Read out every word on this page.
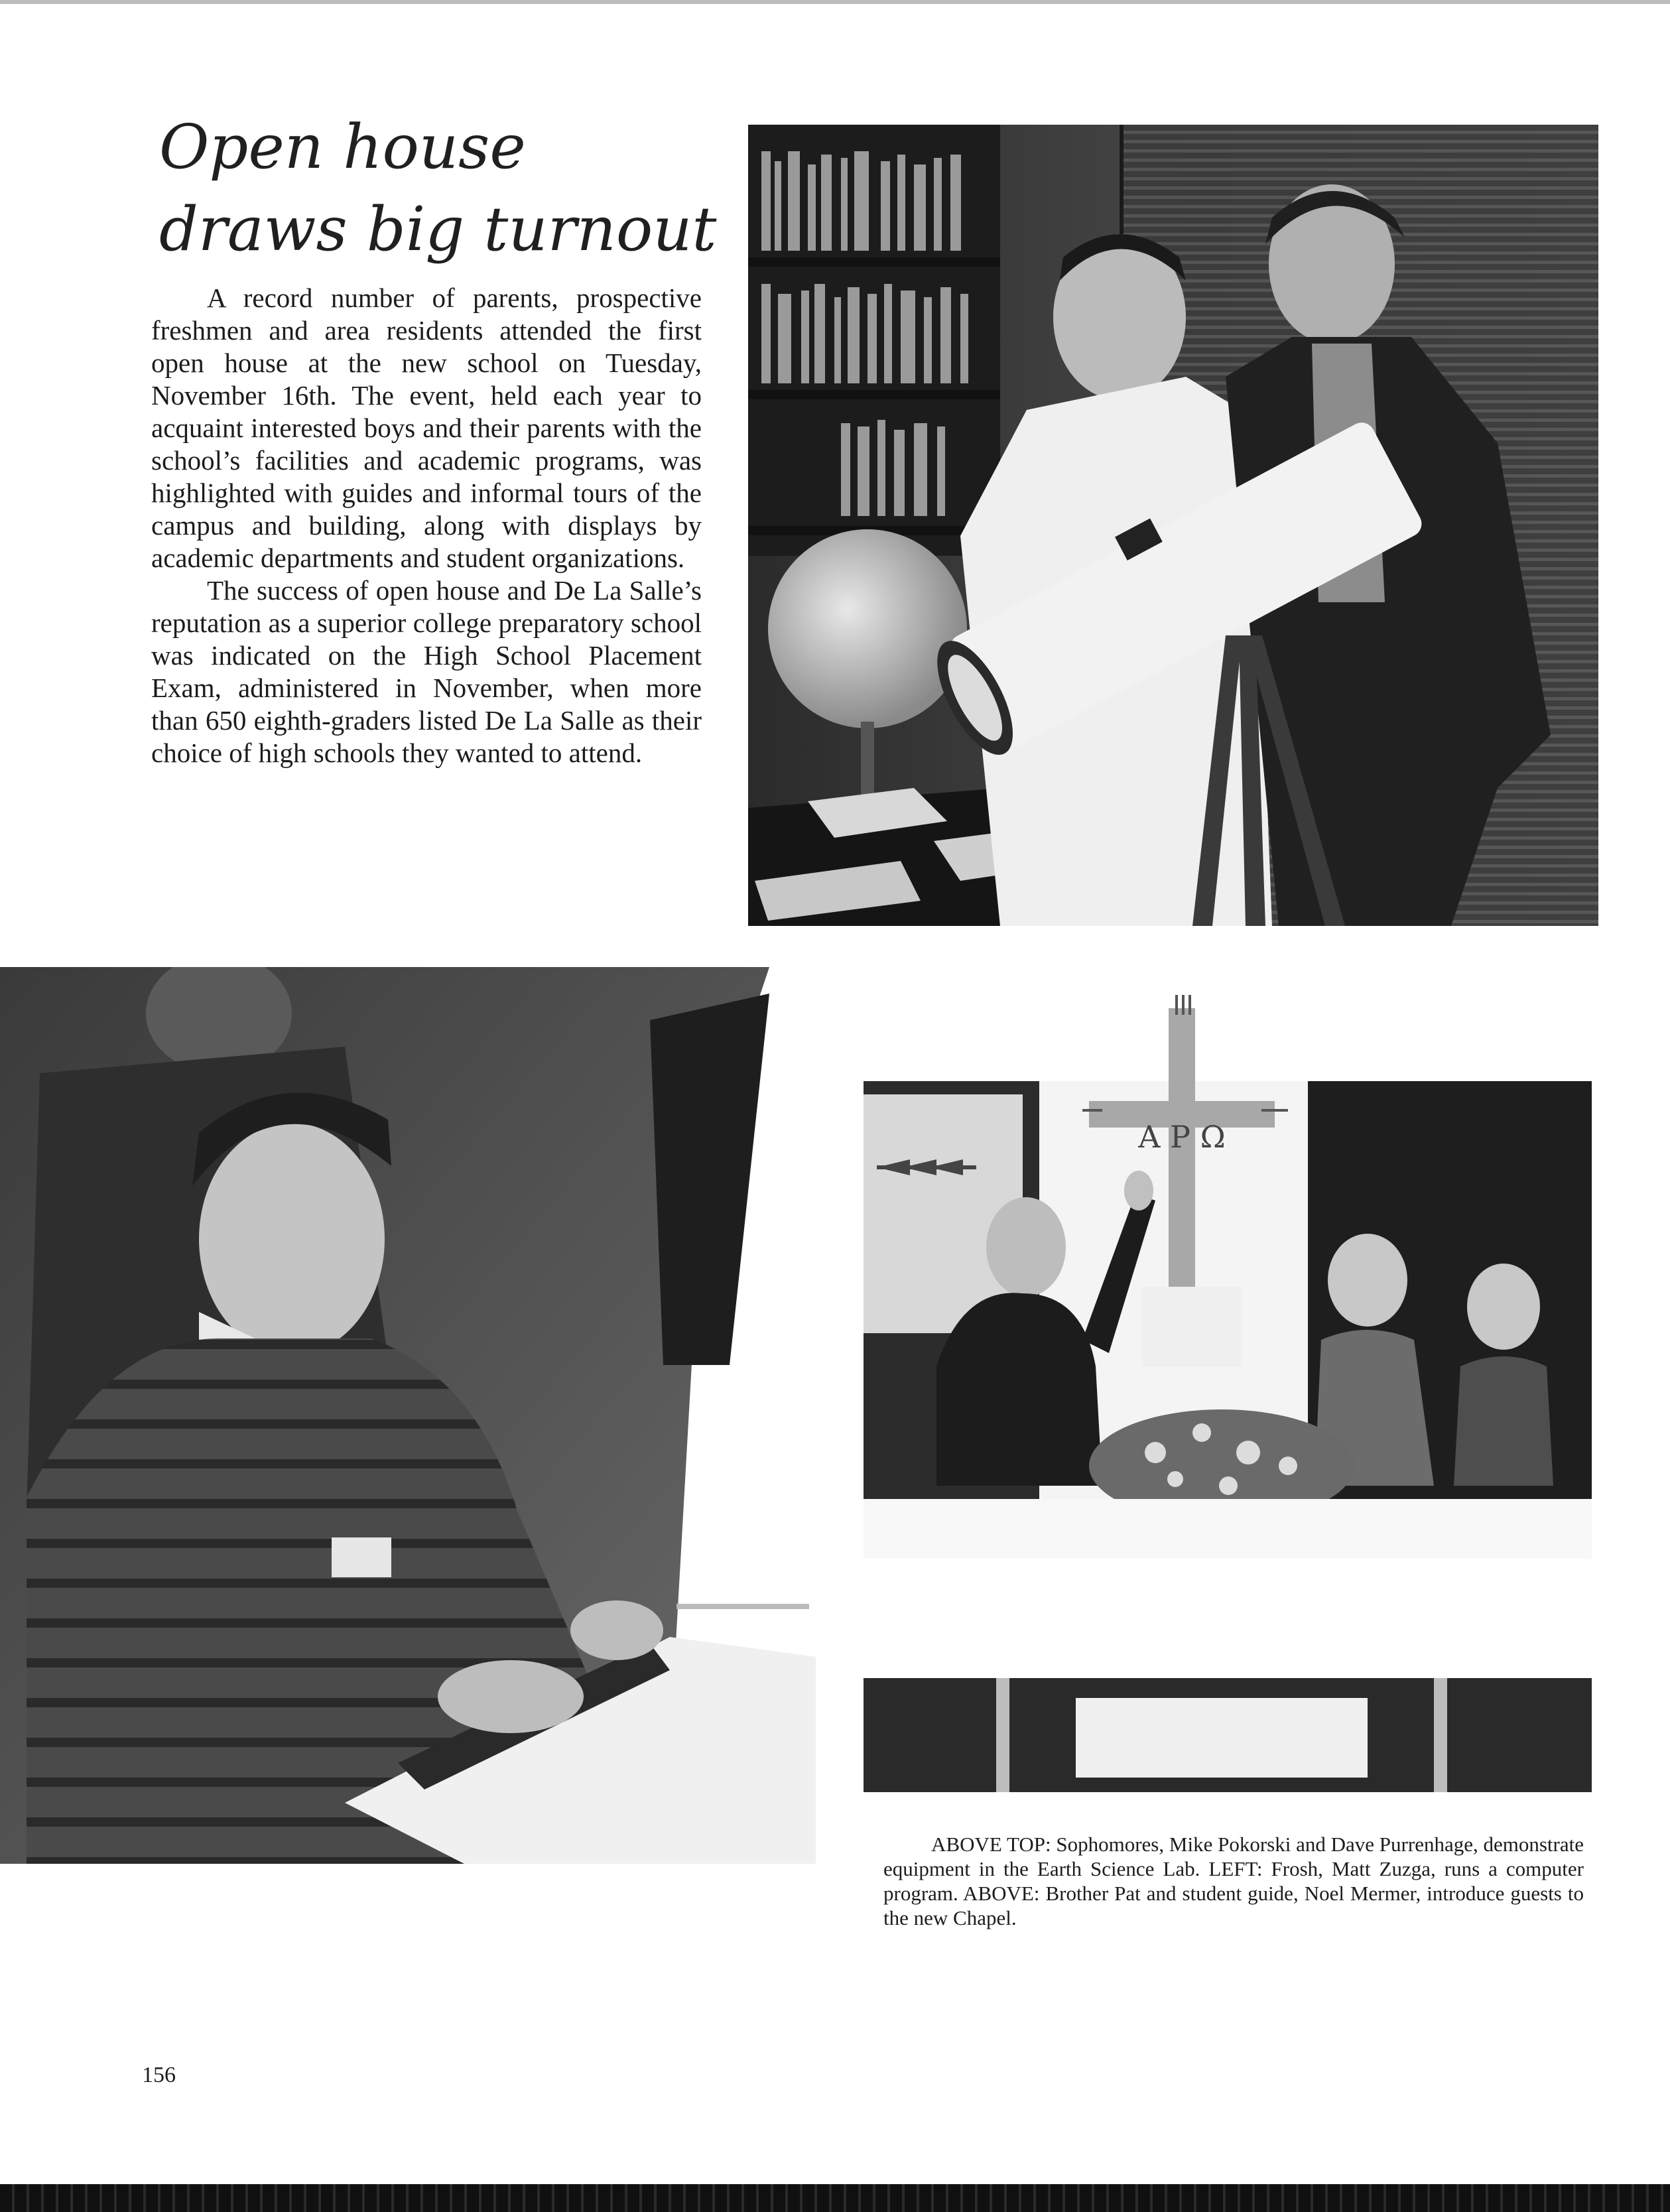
Open house draws big turnout

A record number of parents, prospective freshmen and area residents attended the first open house at the new school on Tuesday, November 16th. The event, held each year to acquaint interested boys and their parents with the school’s facilities and academic programs, was highlighted with guides and informal tours of the campus and building, along with displays by academic departments and student organizations.

The success of open house and De La Salle’s reputation as a superior college preparatory school was indicated on the High School Placement Exam, administered in November, when more than 650 eighth-graders listed De La Salle as their choice of high schools they wanted to attend.

Α P Ω

ABOVE TOP: Sophomores, Mike Pokorski and Dave Purrenhage, demonstrate equipment in the Earth Science Lab. LEFT: Frosh, Matt Zuzga, runs a computer program. ABOVE: Brother Pat and student guide, Noel Mermer, introduce guests to the new Chapel.

156
